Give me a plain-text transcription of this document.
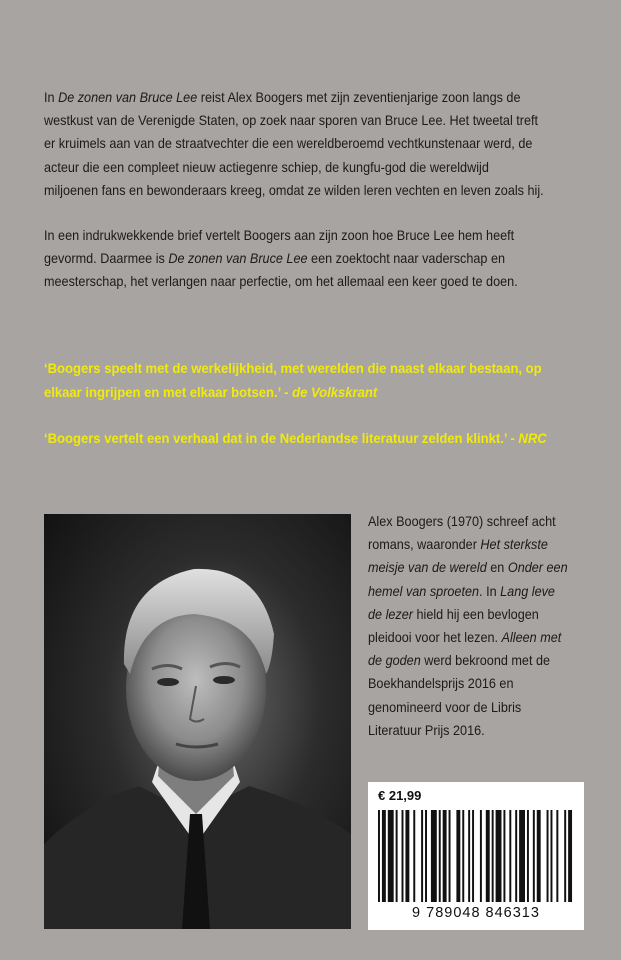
In De zonen van Bruce Lee reist Alex Boogers met zijn zeventienjarige zoon langs de westkust van de Verenigde Staten, op zoek naar sporen van Bruce Lee. Het tweetal treft er kruimels aan van de straatvechter die een wereldberoemd vechtkunstenaar werd, de acteur die een compleet nieuw actiegenre schiep, de kungfu-god die wereldwijd miljoenen fans en bewonderaars kreeg, omdat ze wilden leren vechten en leven zoals hij.

In een indrukwekkende brief vertelt Boogers aan zijn zoon hoe Bruce Lee hem heeft gevormd. Daarmee is De zonen van Bruce Lee een zoektocht naar vaderschap en meesterschap, het verlangen naar perfectie, om het allemaal een keer goed te doen.

‘Boogers speelt met de werkelijkheid, met werelden die naast elkaar bestaan, op elkaar ingrijpen en met elkaar botsen.’ - de Volkskrant

‘Boogers vertelt een verhaal dat in de Nederlandse literatuur zelden klinkt.’ - NRC

Alex Boogers (1970) schreef acht romans, waaronder Het sterkste meisje van de wereld en Onder een hemel van sproeten. In Lang leve de lezer hield hij een bevlogen pleidooi voor het lezen. Alleen met de goden werd bekroond met de Boekhandelsprijs 2016 en genomineerd voor de Libris Literatuur Prijs 2016.

€ 21,99
9 789048 846313
